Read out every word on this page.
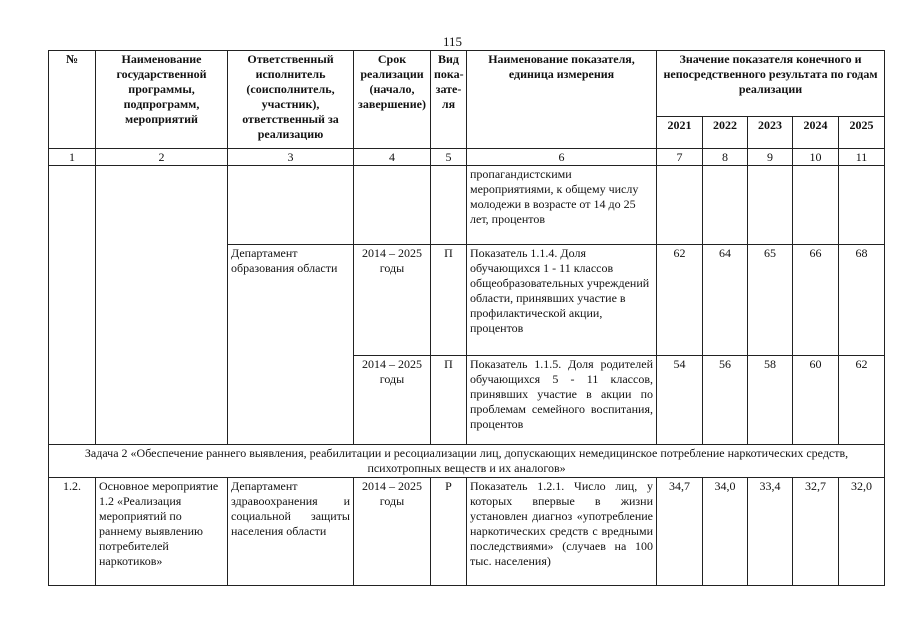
115
№	Наименование государственной программы, подпрограмм, мероприятий	Ответственный исполнитель (соисполнитель, участник), ответственный за реализацию	Срок реализации (начало, завершение)	Вид пока-зате-ля	Наименование показателя, единица измерения	Значение показателя конечного и непосредственного результата по годам реализации				
						2021	2022	2023	2024	2025
1	2	3	4	5	6	7	8	9	10	11
					пропагандистскими мероприятиями, к общему числу молодежи в возрасте от 14 до 25 лет, процентов					
		Департамент образования области	2014 – 2025 годы	П	Показатель 1.1.4. Доля обучающихся 1 - 11 классов общеобразовательных учреждений области, принявших участие в профилактической акции, процентов	62	64	65	66	68
			2014 – 2025 годы	П	Показатель 1.1.5. Доля родителей обучающихся 5 - 11 классов, принявших участие в акции по проблемам семейного воспитания, процентов	54	56	58	60	62
Задача 2 «Обеспечение раннего выявления, реабилитации и ресоциализации лиц, допускающих немедицинское потребление наркотических средств, психотропных веществ и их аналогов»										
1.2.	Основное мероприятие 1.2 «Реализация мероприятий по раннему выявлению потребителей наркотиков»	Департамент здравоохранения и социальной защиты населения области	2014 – 2025 годы	Р	Показатель 1.2.1. Число лиц, у которых впервые в жизни установлен диагноз «употребление наркотических средств с вредными последствиями» (случаев на 100 тыс. населения)	34,7	34,0	33,4	32,7	32,0
